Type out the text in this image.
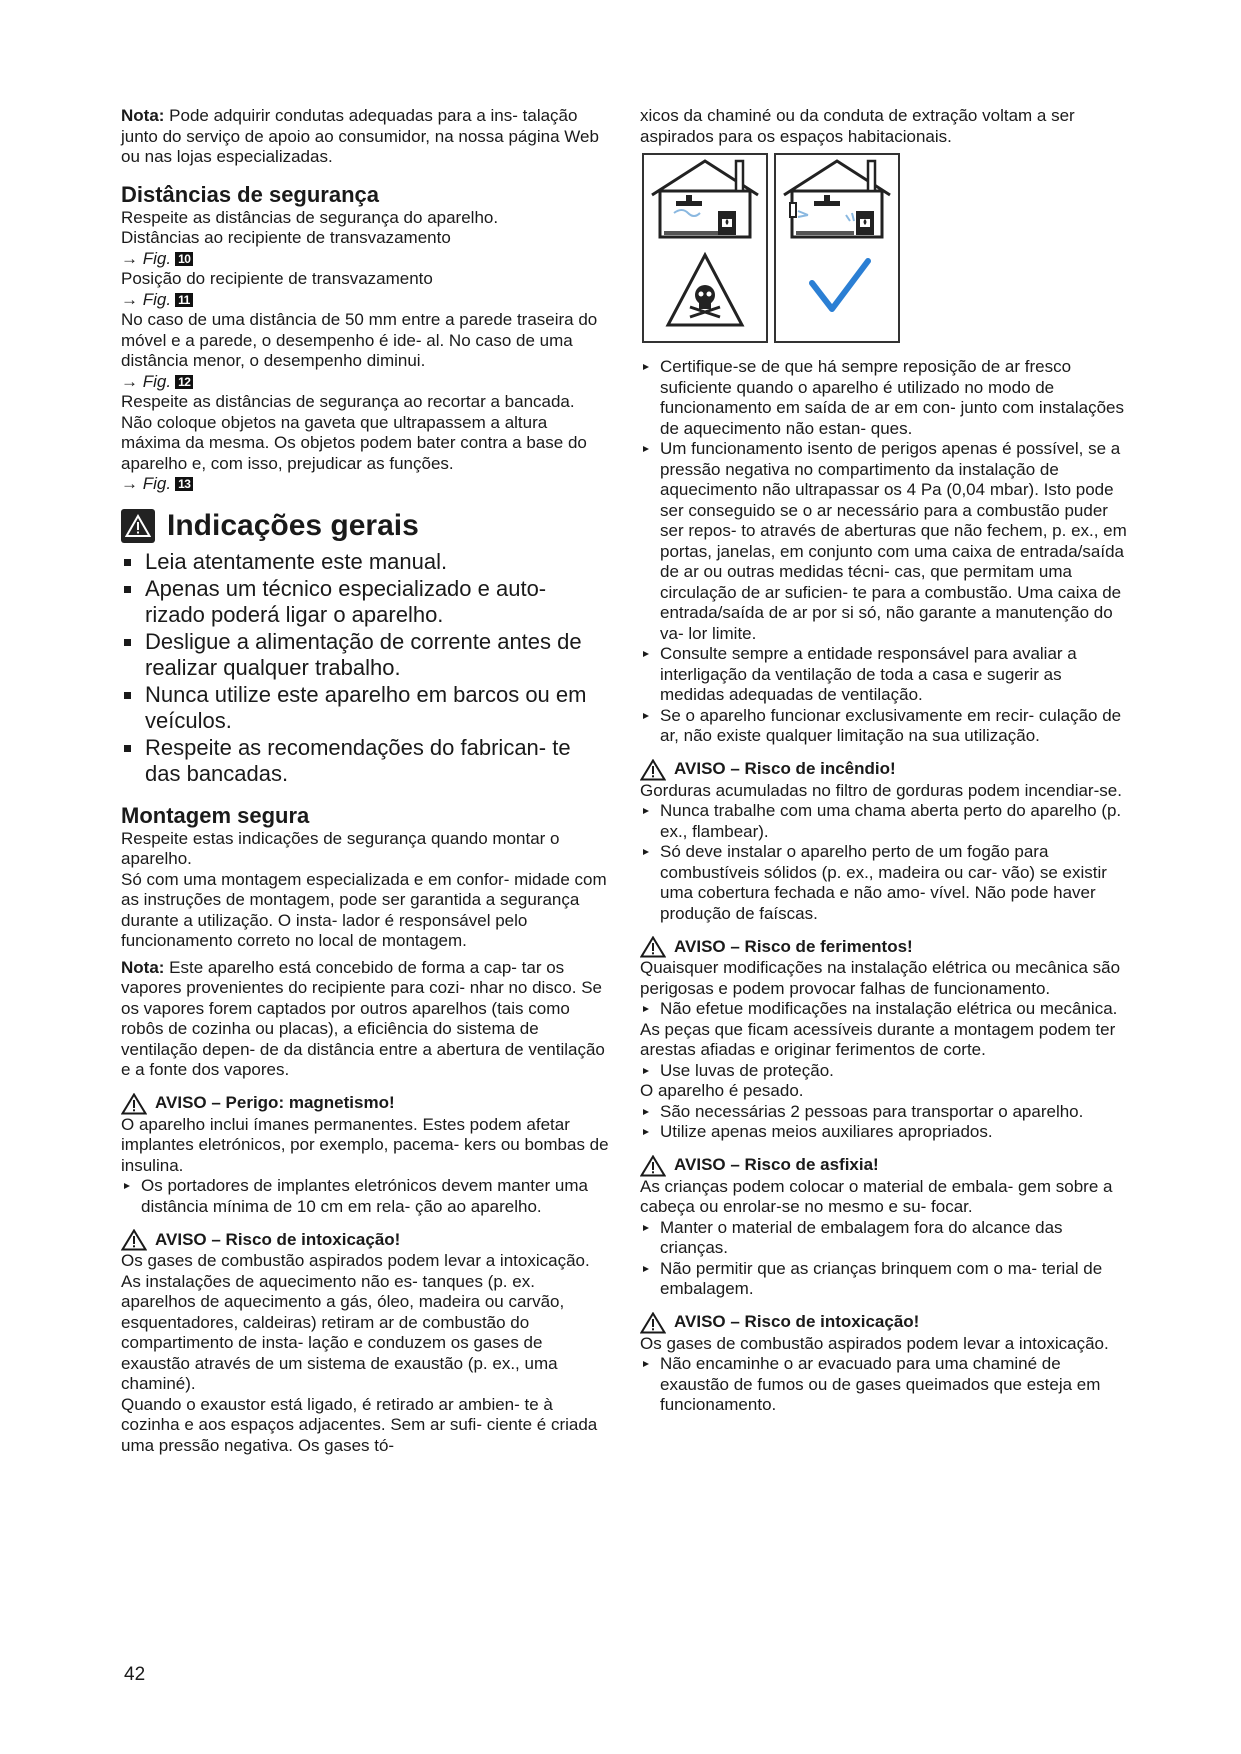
Nota: Pode adquirir condutas adequadas para a ins- talação junto do serviço de apoio ao consumidor, na nossa página Web ou nas lojas especializadas.

Distâncias de segurança

Respeite as distâncias de segurança do aparelho.

Distâncias ao recipiente de transvazamento

→ Fig. 10

Posição do recipiente de transvazamento

→ Fig. 11

No caso de uma distância de 50 mm entre a parede traseira do móvel e a parede, o desempenho é ide- al. No caso de uma distância menor, o desempenho diminui.

→ Fig. 12

Respeite as distâncias de segurança ao recortar a bancada.

Não coloque objetos na gaveta que ultrapassem a altura máxima da mesma. Os objetos podem bater contra a base do aparelho e, com isso, prejudicar as funções.

→ Fig. 13

Indicações gerais
Leia atentamente este manual.
Apenas um técnico especializado e auto- rizado poderá ligar o aparelho.
Desligue a alimentação de corrente antes de realizar qualquer trabalho.
Nunca utilize este aparelho em barcos ou em veículos.
Respeite as recomendações do fabrican- te das bancadas.
Montagem segura

Respeite estas indicações de segurança quando montar o aparelho.

Só com uma montagem especializada e em confor- midade com as instruções de montagem, pode ser garantida a segurança durante a utilização. O insta- lador é responsável pelo funcionamento correto no local de montagem.

Nota: Este aparelho está concebido de forma a cap- tar os vapores provenientes do recipiente para cozi- nhar no disco. Se os vapores forem captados por outros aparelhos (tais como robôs de cozinha ou placas), a eficiência do sistema de ventilação depen- de da distância entre a abertura de ventilação e a fonte dos vapores.

AVISO – Perigo: magnetismo!

O aparelho inclui ímanes permanentes. Estes podem afetar implantes eletrónicos, por exemplo, pacema- kers ou bombas de insulina.

Os portadores de implantes eletrónicos devem manter uma distância mínima de 10 cm em rela- ção ao aparelho.
AVISO – Risco de intoxicação!

Os gases de combustão aspirados podem levar a intoxicação. As instalações de aquecimento não es- tanques (p. ex. aparelhos de aquecimento a gás, óleo, madeira ou carvão, esquentadores, caldeiras) retiram ar de combustão do compartimento de insta- lação e conduzem os gases de exaustão através de um sistema de exaustão (p. ex., uma chaminé).

Quando o exaustor está ligado, é retirado ar ambien- te à cozinha e aos espaços adjacentes. Sem ar sufi- ciente é criada uma pressão negativa. Os gases tó-

xicos da chaminé ou da conduta de extração voltam a ser aspirados para os espaços habitacionais.

Certifique-se de que há sempre reposição de ar fresco suficiente quando o aparelho é utilizado no modo de funcionamento em saída de ar em con- junto com instalações de aquecimento não estan- ques.
Um funcionamento isento de perigos apenas é possível, se a pressão negativa no compartimento da instalação de aquecimento não ultrapassar os 4 Pa (0,04 mbar). Isto pode ser conseguido se o ar necessário para a combustão puder ser repos- to através de aberturas que não fechem, p. ex., em portas, janelas, em conjunto com uma caixa de entrada/saída de ar ou outras medidas técni- cas, que permitam uma circulação de ar suficien- te para a combustão. Uma caixa de entrada/saída de ar por si só, não garante a manutenção do va- lor limite.
Consulte sempre a entidade responsável para avaliar a interligação da ventilação de toda a casa e sugerir as medidas adequadas de ventilação.
Se o aparelho funcionar exclusivamente em recir- culação de ar, não existe qualquer limitação na sua utilização.
AVISO – Risco de incêndio!

Gorduras acumuladas no filtro de gorduras podem incendiar-se.

Nunca trabalhe com uma chama aberta perto do aparelho (p. ex., flambear).
Só deve instalar o aparelho perto de um fogão para combustíveis sólidos (p. ex., madeira ou car- vão) se existir uma cobertura fechada e não amo- vível. Não pode haver produção de faíscas.
AVISO – Risco de ferimentos!

Quaisquer modificações na instalação elétrica ou mecânica são perigosas e podem provocar falhas de funcionamento.

Não efetue modificações na instalação elétrica ou mecânica.

As peças que ficam acessíveis durante a montagem podem ter arestas afiadas e originar ferimentos de corte.

Use luvas de proteção.

O aparelho é pesado.

São necessárias 2 pessoas para transportar o aparelho.
Utilize apenas meios auxiliares apropriados.
AVISO – Risco de asfixia!

As crianças podem colocar o material de embala- gem sobre a cabeça ou enrolar-se no mesmo e su- focar.

Manter o material de embalagem fora do alcance das crianças.
Não permitir que as crianças brinquem com o ma- terial de embalagem.
AVISO – Risco de intoxicação!

Os gases de combustão aspirados podem levar a intoxicação.

Não encaminhe o ar evacuado para uma chaminé de exaustão de fumos ou de gases queimados que esteja em funcionamento.
42
